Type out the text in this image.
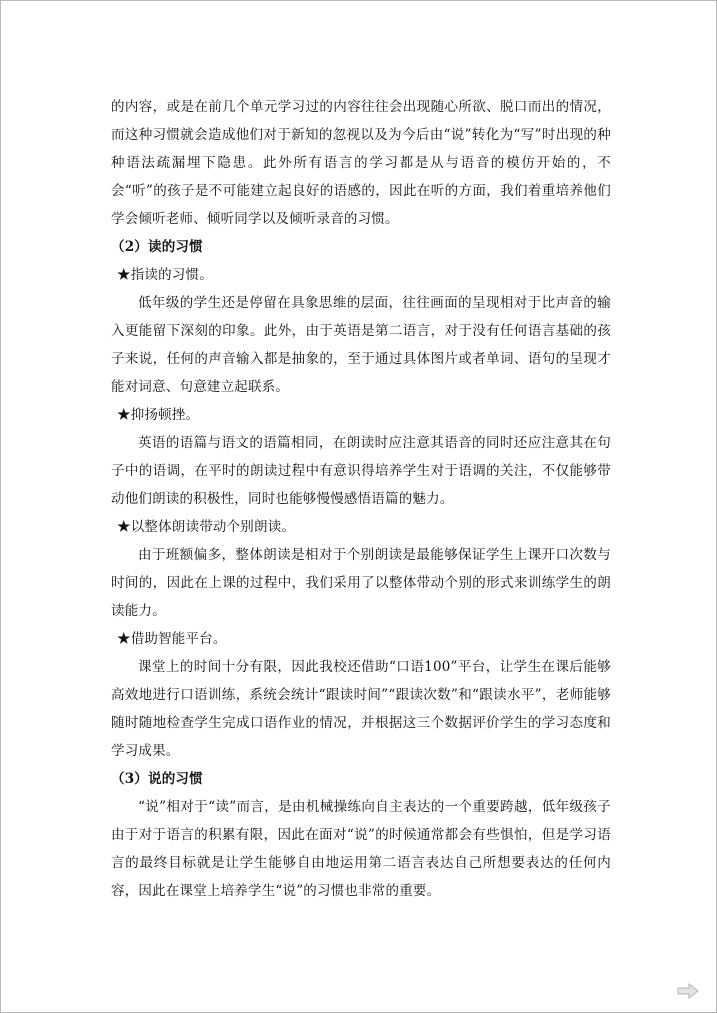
的内容，或是在前几个单元学习过的内容往往会出现随心所欲、脱口而出的情况，而这种习惯就会造成他们对于新知的忽视以及为今后由“说”转化为“写”时出现的种种语法疏漏埋下隐患。此外所有语言的学习都是从与语音的模仿开始的，不会“听”的孩子是不可能建立起良好的语感的，因此在听的方面，我们着重培养他们学会倾听老师、倾听同学以及倾听录音的习惯。

（2）读的习惯

★指读的习惯。

低年级的学生还是停留在具象思维的层面，往往画面的呈现相对于比声音的输入更能留下深刻的印象。此外，由于英语是第二语言，对于没有任何语言基础的孩子来说，任何的声音输入都是抽象的，至于通过具体图片或者单词、语句的呈现才能对词意、句意建立起联系。

★抑扬顿挫。

英语的语篇与语文的语篇相同，在朗读时应注意其语音的同时还应注意其在句子中的语调，在平时的朗读过程中有意识得培养学生对于语调的关注，不仅能够带动他们朗读的积极性，同时也能够慢慢感悟语篇的魅力。

★以整体朗读带动个别朗读。

由于班额偏多，整体朗读是相对于个别朗读是最能够保证学生上课开口次数与时间的，因此在上课的过程中，我们采用了以整体带动个别的形式来训练学生的朗读能力。

★借助智能平台。

课堂上的时间十分有限，因此我校还借助“口语100”平台，让学生在课后能够高效地进行口语训练，系统会统计“跟读时间”“跟读次数”和“跟读水平”，老师能够随时随地检查学生完成口语作业的情况，并根据这三个数据评价学生的学习态度和学习成果。

（3）说的习惯

“说”相对于“读”而言，是由机械操练向自主表达的一个重要跨越，低年级孩子由于对于语言的积累有限，因此在面对“说”的时候通常都会有些惧怕，但是学习语言的最终目标就是让学生能够自由地运用第二语言表达自己所想要表达的任何内容，因此在课堂上培养学生“说”的习惯也非常的重要。
